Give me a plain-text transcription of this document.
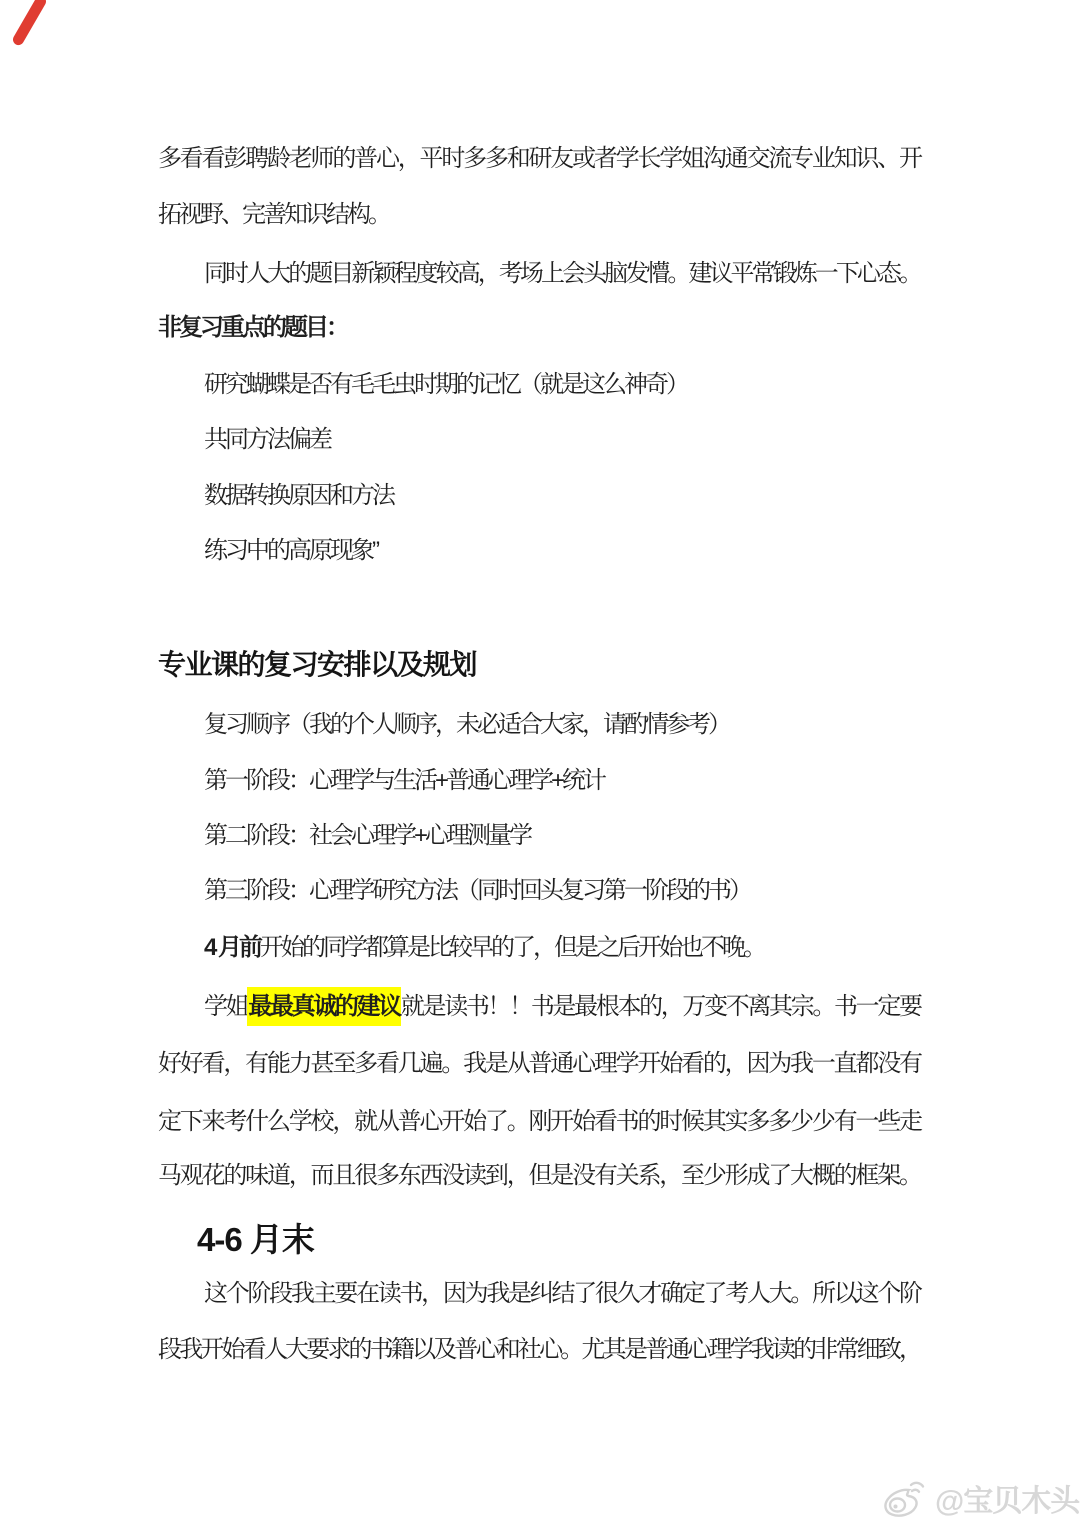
多看看彭聘龄老师的普心，平时多多和研友或者学长学姐沟通交流专业知识、开
拓视野、完善知识结构。
同时人大的题目新颖程度较高，考场上会头脑发懵。建议平常锻炼一下心态。
非复习重点的题目：
研究蝴蝶是否有毛毛虫时期的记忆（就是这么神奇）
共同方法偏差
数据转换原因和方法
练习中的高原现象”
专业课的复习安排以及规划
复习顺序（我的个人顺序，未必适合大家，请酌情参考）
第一阶段：心理学与生活+普通心理学+统计
第二阶段：社会心理学+心理测量学
第三阶段：心理学研究方法（同时回头复习第一阶段的书）
4 月前开始的同学都算是比较早的了，但是之后开始也不晚。
学姐最最真诚的建议就是读书！！书是最根本的，万变不离其宗。书一定要
好好看，有能力甚至多看几遍。我是从普通心理学开始看的，因为我一直都没有
定下来考什么学校，就从普心开始了。刚开始看书的时候其实多多少少有一些走
马观花的味道，而且很多东西没读到，但是没有关系，至少形成了大概的框架。
4-6 月末
这个阶段我主要在读书，因为我是纠结了很久才确定了考人大。所以这个阶
段我开始看人大要求的书籍以及普心和社心。尤其是普通心理学我读的非常细致，
@宝贝木头
